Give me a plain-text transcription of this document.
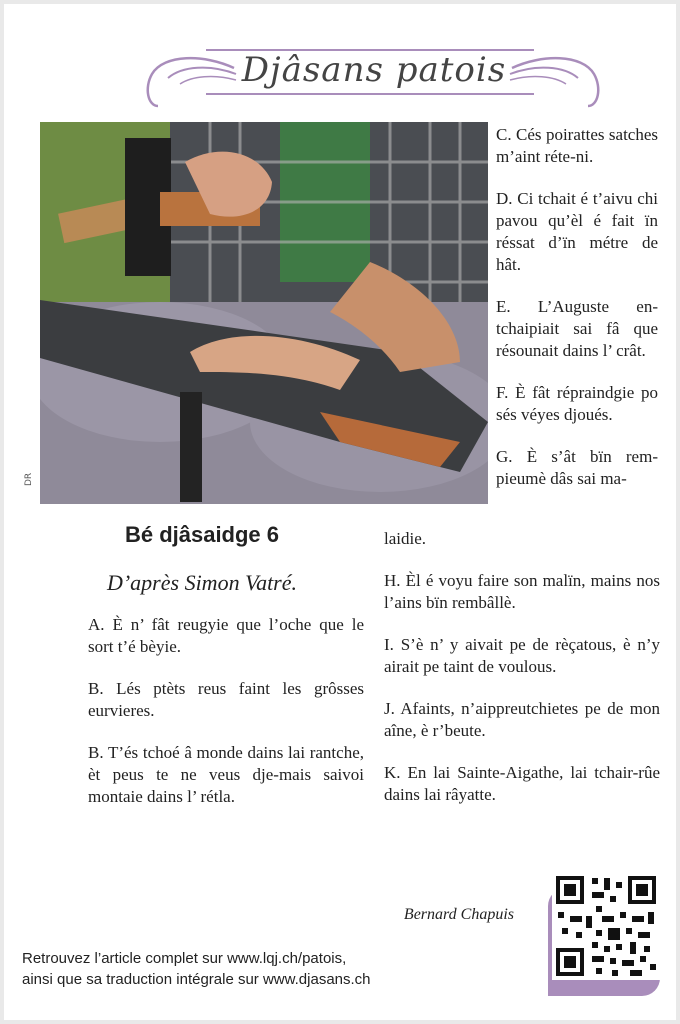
Djâsans patois
DR

C. Cés poirattes satches m’aint réte-ni.

D. Ci tchait é t’aivu chi pavou qu’èl é fait ïn réssat d’ïn métre de hât.

E. L’Auguste en-tchaipiait sai fâ que résounait dains l’ crât.

F. È fât répraindgie po sés véyes djoués.

G. È s’ât bïn rem-pieumè dâs sai ma-

Bé djâsaidge 6
D’après Simon Vatré.

A. È n’ fât reugyie que l’oche que le sort t’é bèyie.

B. Lés ptèts reus faint les grôsses eurvieres.

B. T’és tchoé â monde dains lai rantche, èt peus te ne veus dje-mais saivoi montaie dains l’ rétla.

laidie.

H. Èl é voyu faire son malïn, mains nos l’ains bïn rembâllè.

I. S’è n’ y aivait pe de rèçatous, è n’y airait pe taint de voulous.

J. Afaints, n’aippreutchietes pe de mon aîne, è r’beute.

K. En lai Sainte-Aigathe, lai tchair-rûe dains lai râyatte.

Bernard Chapuis
Retrouvez l’article complet sur www.lqj.ch/patois,
ainsi que sa traduction intégrale sur www.djasans.ch
